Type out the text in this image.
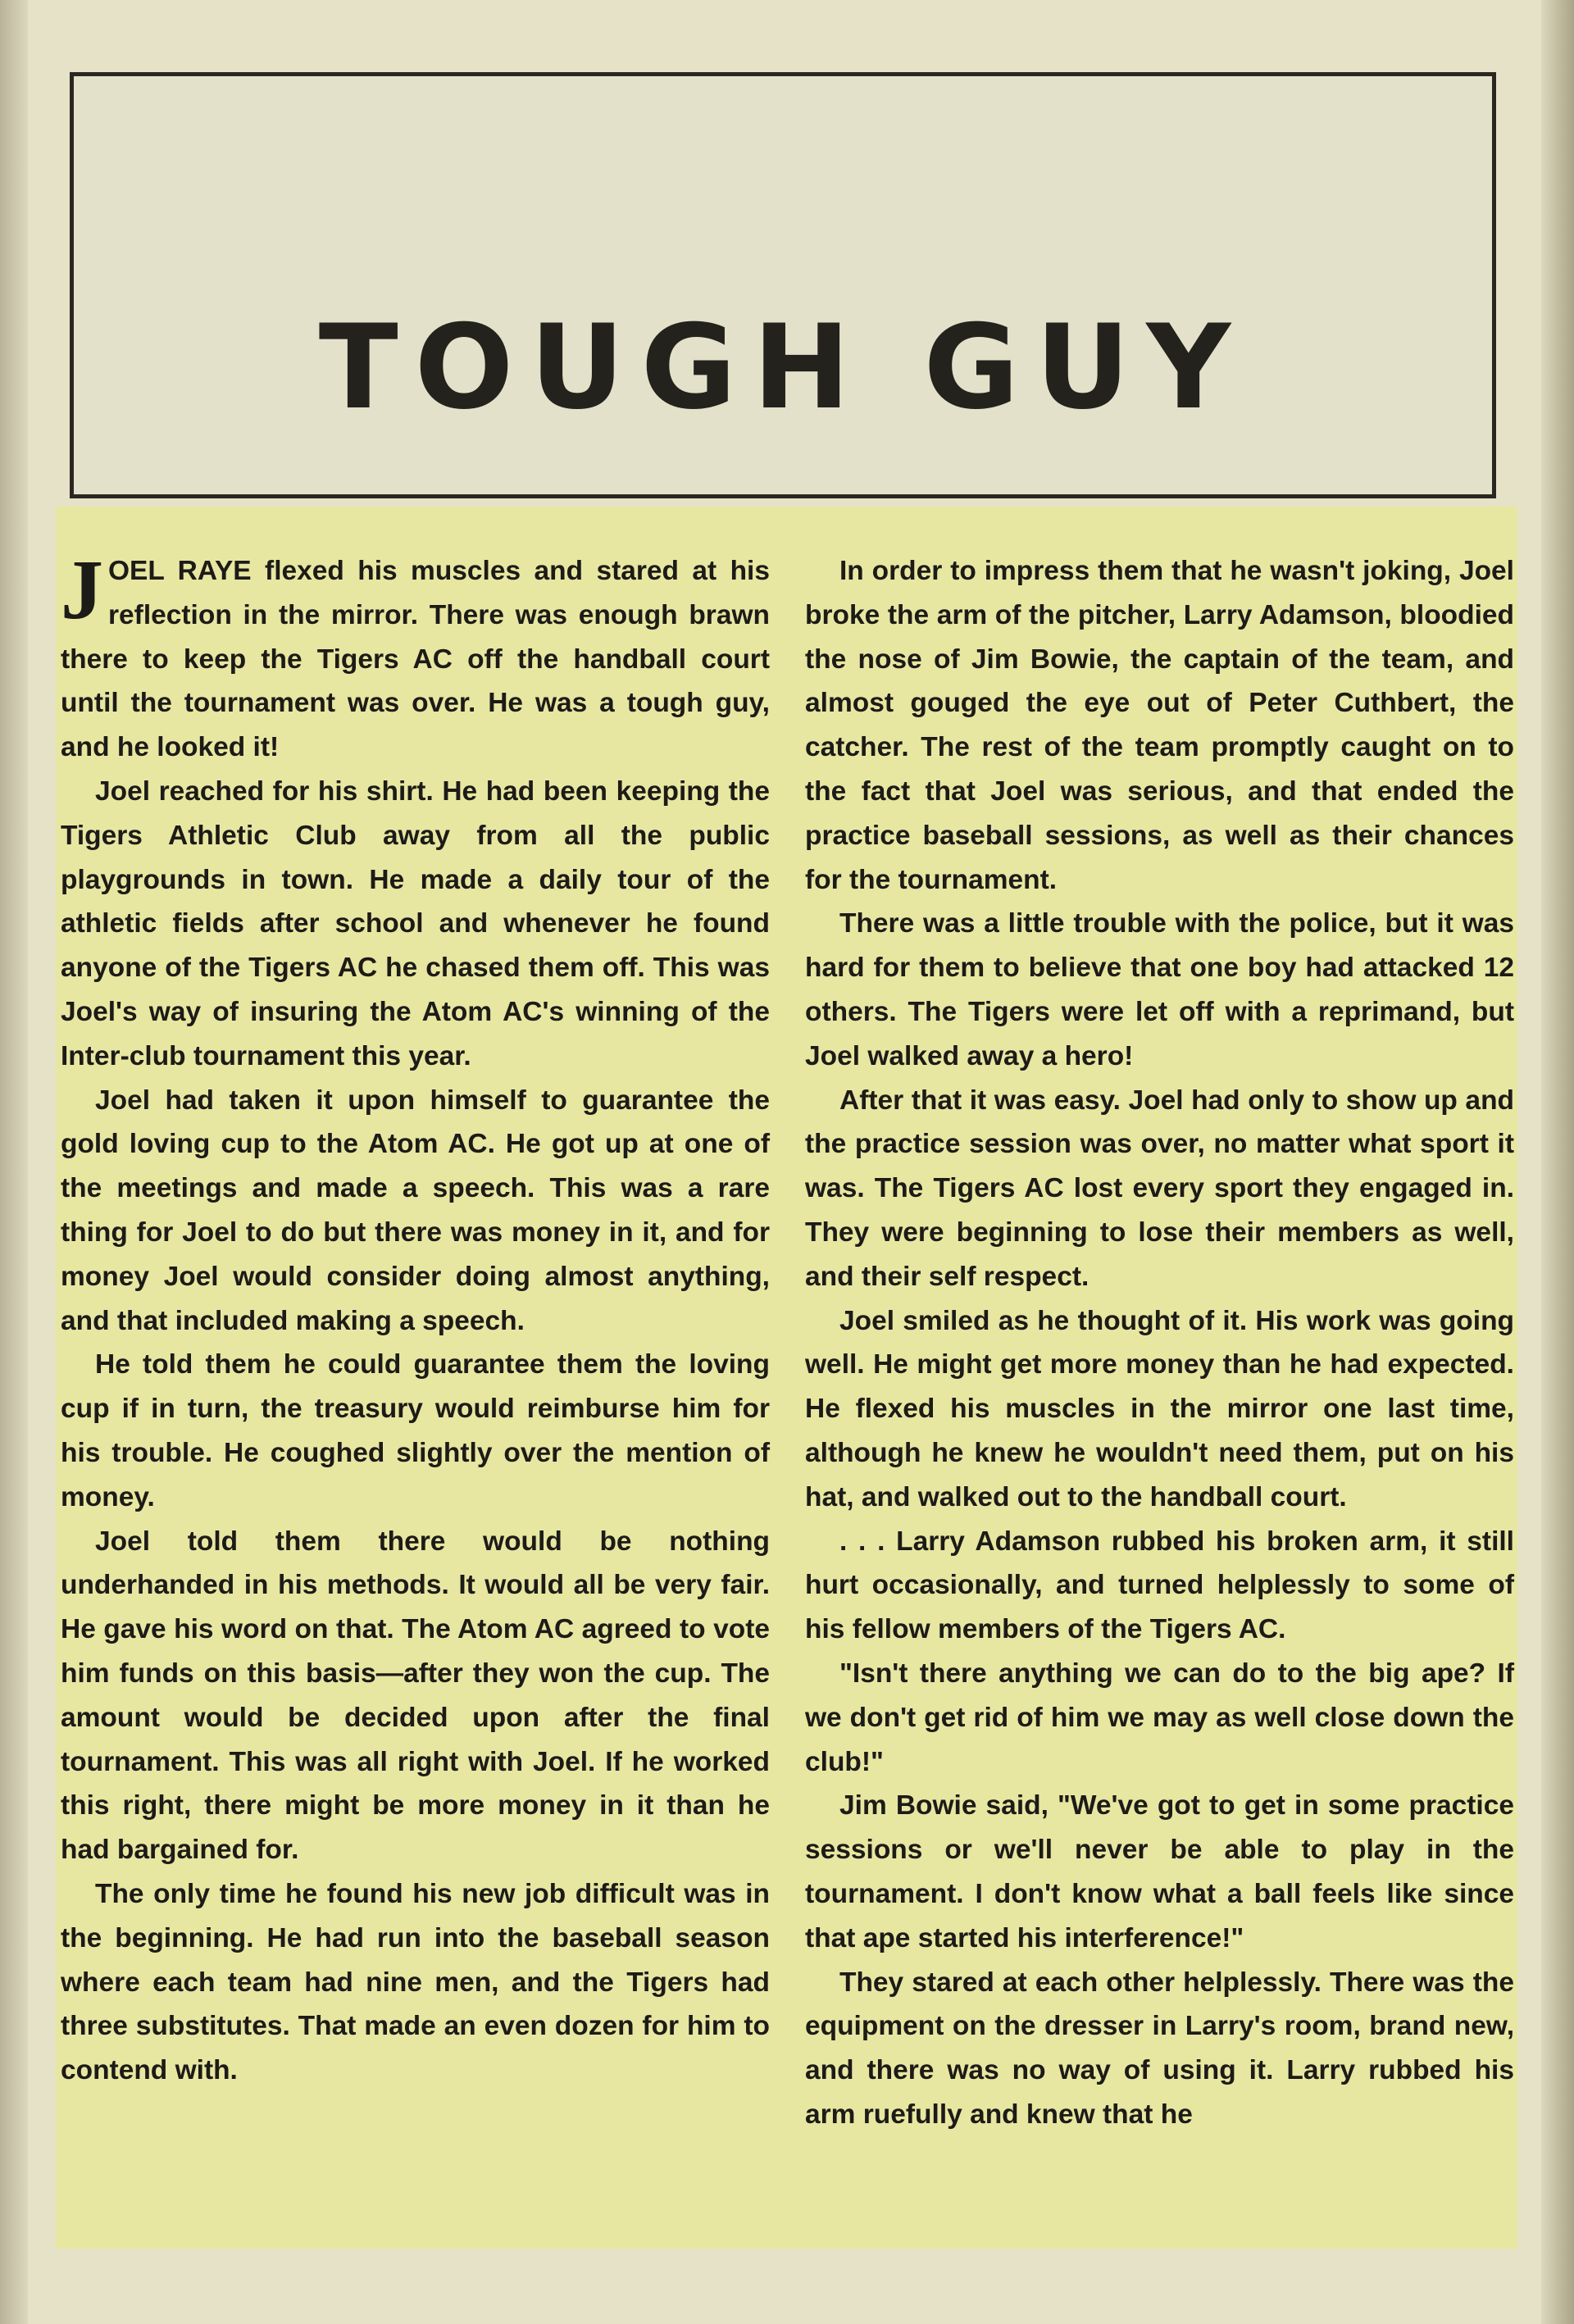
TOUGH GUY

JOEL RAYE flexed his muscles and stared at his reflection in the mirror. There was enough brawn there to keep the Tigers AC off the handball court until the tournament was over. He was a tough guy, and he looked it!

Joel reached for his shirt. He had been keeping the Tigers Athletic Club away from all the public playgrounds in town. He made a daily tour of the athletic fields after school and whenever he found anyone of the Tigers AC he chased them off. This was Joel's way of insuring the Atom AC's winning of the Inter-club tournament this year.

Joel had taken it upon himself to guarantee the gold loving cup to the Atom AC. He got up at one of the meetings and made a speech. This was a rare thing for Joel to do but there was money in it, and for money Joel would consider doing almost anything, and that included making a speech.

He told them he could guarantee them the loving cup if in turn, the treasury would reimburse him for his trouble. He coughed slightly over the mention of money.

Joel told them there would be nothing underhanded in his methods. It would all be very fair. He gave his word on that. The Atom AC agreed to vote him funds on this basis—after they won the cup. The amount would be decided upon after the final tournament. This was all right with Joel. If he worked this right, there might be more money in it than he had bargained for.

The only time he found his new job difficult was in the beginning. He had run into the baseball season where each team had nine men, and the Tigers had three substitutes. That made an even dozen for him to contend with.

In order to impress them that he wasn't joking, Joel broke the arm of the pitcher, Larry Adamson, bloodied the nose of Jim Bowie, the captain of the team, and almost gouged the eye out of Peter Cuthbert, the catcher. The rest of the team promptly caught on to the fact that Joel was serious, and that ended the practice baseball sessions, as well as their chances for the tournament.

There was a little trouble with the police, but it was hard for them to believe that one boy had attacked 12 others. The Tigers were let off with a reprimand, but Joel walked away a hero!

After that it was easy. Joel had only to show up and the practice session was over, no matter what sport it was. The Tigers AC lost every sport they engaged in. They were beginning to lose their members as well, and their self respect.

Joel smiled as he thought of it. His work was going well. He might get more money than he had expected. He flexed his muscles in the mirror one last time, although he knew he wouldn't need them, put on his hat, and walked out to the handball court.

. . . Larry Adamson rubbed his broken arm, it still hurt occasionally, and turned helplessly to some of his fellow members of the Tigers AC.

"Isn't there anything we can do to the big ape? If we don't get rid of him we may as well close down the club!"

Jim Bowie said, "We've got to get in some practice sessions or we'll never be able to play in the tournament. I don't know what a ball feels like since that ape started his interference!"

They stared at each other helplessly. There was the equipment on the dresser in Larry's room, brand new, and there was no way of using it. Larry rubbed his arm ruefully and knew that he
